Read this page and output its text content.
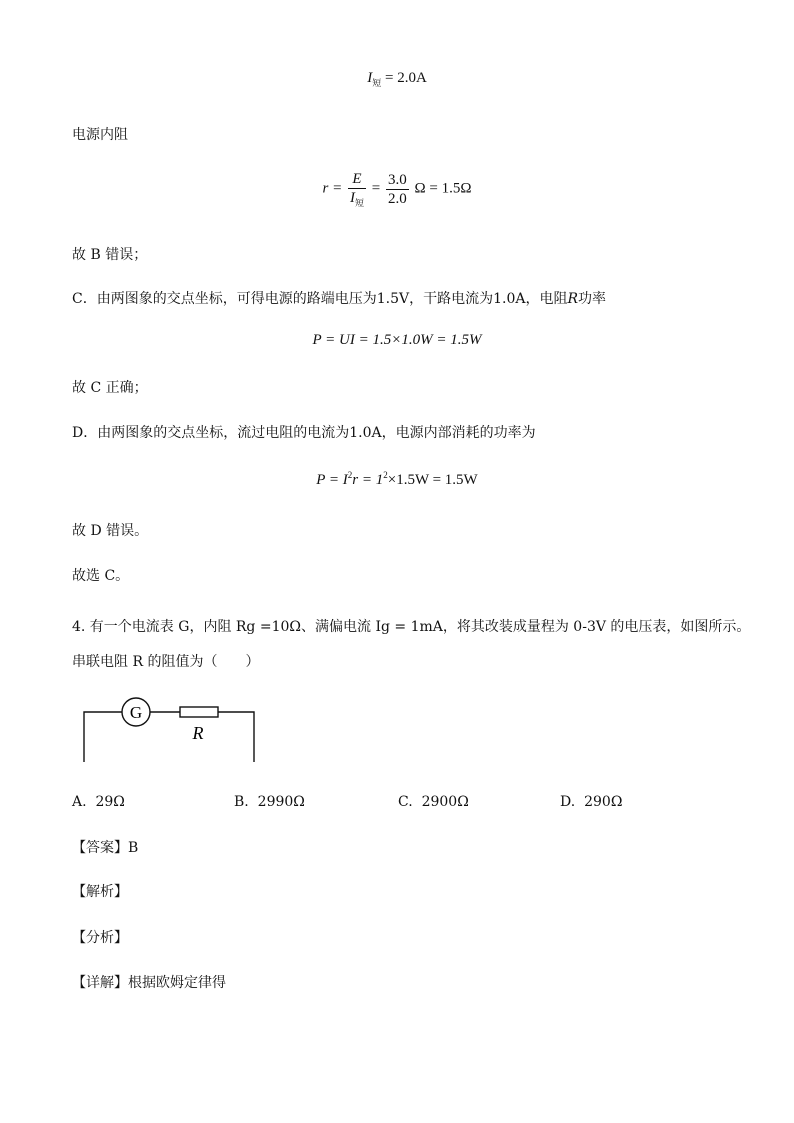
$I_短 = 2.0A$
电源内阻
$r = \frac{E}{I_短} = \frac{3.0}{2.0}$ Ω = 1.5Ω
故 B 错误；
C．由两图象的交点坐标，可得电源的路端电压为1.5V，干路电流为1.0A，电阻R功率
P = UI = 1.5×1.0W = 1.5W
故 C 正确；
D．由两图象的交点坐标，流过电阻的电流为1.0A，电源内部消耗的功率为
$P = I^2r = 1^2\times 1.5W = 1.5W$
故 D 错误。
故选 C。
4. 有一个电流表 G，内阻 Rg =10Ω、满偏电流 Ig = 1mA，将其改装成量程为 0-3V 的电压表，如图所示。
串联电阻 R 的阻值为（　　）
G
R
A. 29Ω	B. 2990Ω	C. 2900Ω	D. 290Ω
【答案】B
【解析】
【分析】
【详解】根据欧姆定律得
